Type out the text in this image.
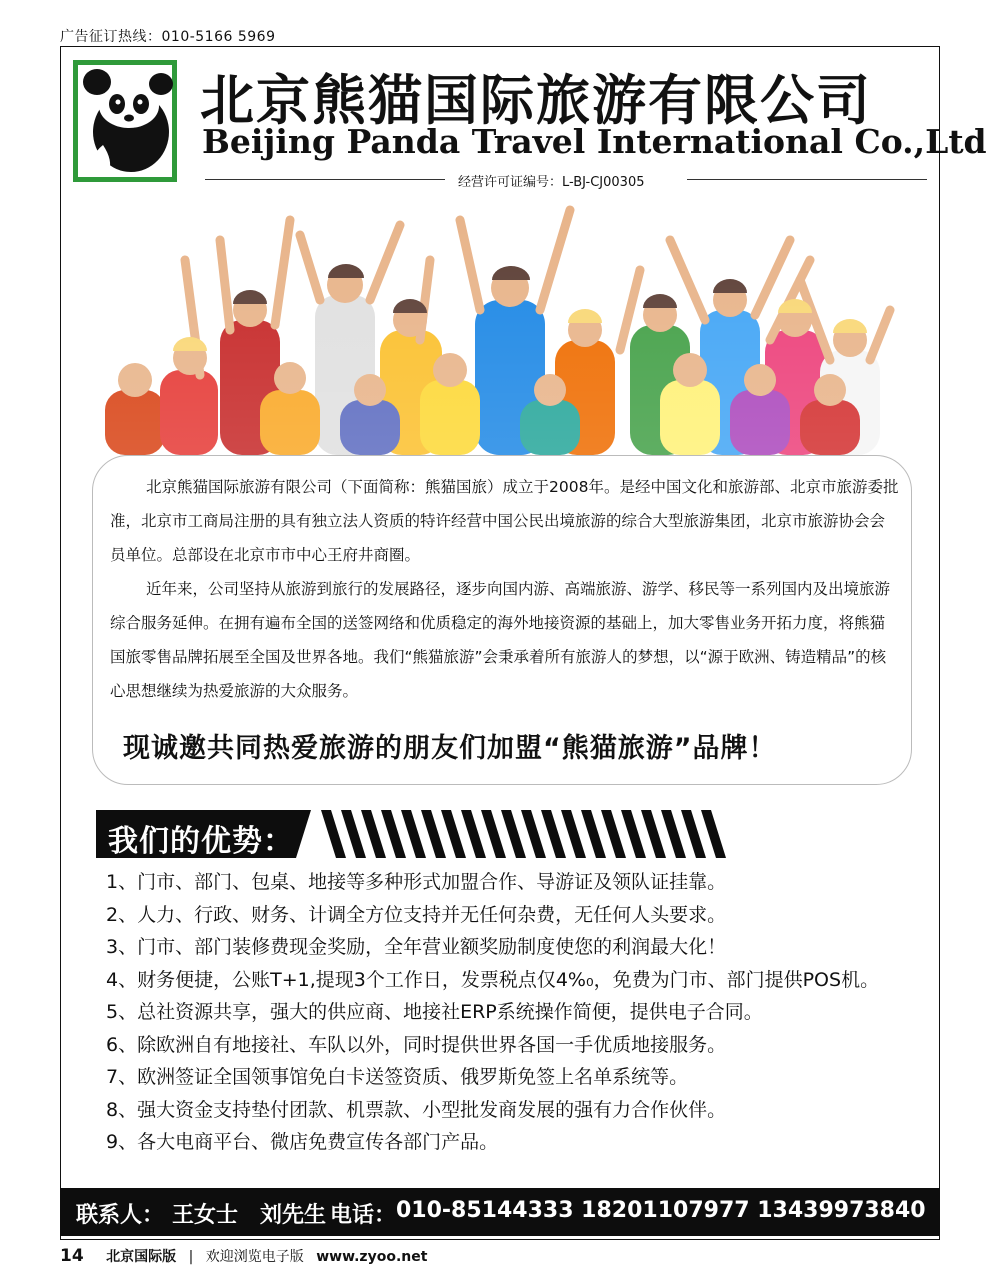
广告征订热线：010-5166 5969
北京熊猫国际旅游有限公司
Beijing Panda Travel International Co.,Ltd
经营许可证编号：L-BJ-CJ00305

北京熊猫国际旅游有限公司（下面简称：熊猫国旅）成立于2008年。是经中国文化和旅游部、北京市旅游委批准，北京市工商局注册的具有独立法人资质的特许经营中国公民出境旅游的综合大型旅游集团，北京市旅游协会会员单位。总部设在北京市市中心王府井商圈。

近年来，公司坚持从旅游到旅行的发展路径，逐步向国内游、高端旅游、游学、移民等一系列国内及出境旅游综合服务延伸。在拥有遍布全国的送签网络和优质稳定的海外地接资源的基础上，加大零售业务开拓力度，将熊猫国旅零售品牌拓展至全国及世界各地。我们“熊猫旅游”会秉承着所有旅游人的梦想，以“源于欧洲、铸造精品”的核心思想继续为热爱旅游的大众服务。

现诚邀共同热爱旅游的朋友们加盟“熊猫旅游”品牌！
我们的优势：
1、门市、部门、包桌、地接等多种形式加盟合作、导游证及领队证挂靠。
2、人力、行政、财务、计调全方位支持并无任何杂费，无任何人头要求。
3、门市、部门装修费现金奖励，全年营业额奖励制度使您的利润最大化！
4、财务便捷，公账T+1,提现3个工作日，发票税点仅4%₀，免费为门市、部门提供POS机。
5、总社资源共享，强大的供应商、地接社ERP系统操作简便，提供电子合同。
6、除欧洲自有地接社、车队以外，同时提供世界各国一手优质地接服务。
7、欧洲签证全国领事馆免白卡送签资质、俄罗斯免签上名单系统等。
8、强大资金支持垫付团款、机票款、小型批发商发展的强有力合作伙伴。
9、各大电商平台、微店免费宣传各部门产品。
联系人： 王女士　刘先生 电话： 010-85144333 18201107977 13439973840
14 北京国际版 | 欢迎浏览电子版 www.zyoo.net
